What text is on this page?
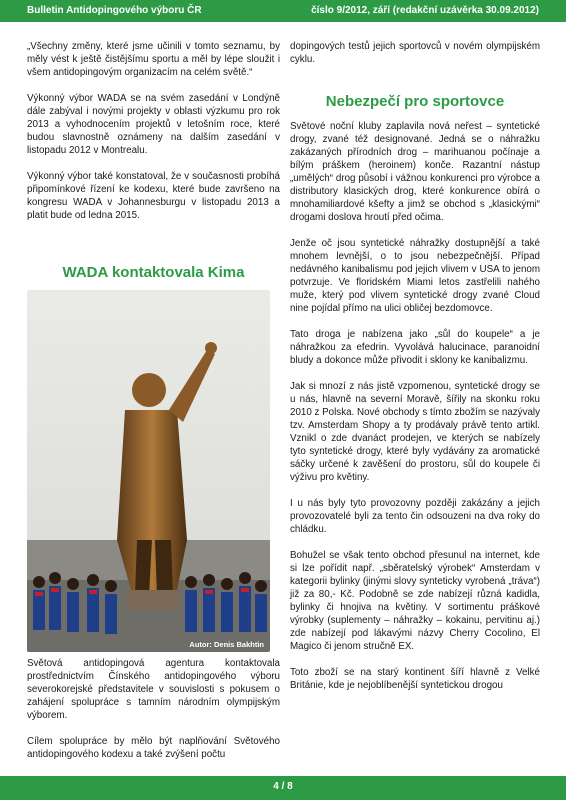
Bulletin Antidopingového výboru ČR	číslo 9/2012, září (redakční uzávěrka 30.09.2012)

„Všechny změny, které jsme učinili v tomto seznamu, by měly vést k ještě čistějšímu sportu a měl by lépe sloužit i všem antidopingovým organizacím na celém světě.“

Výkonný výbor WADA se na svém zasedání v Londýně dále zabýval i novými projekty v oblasti výzkumu pro rok 2013 a vyhodnocením projektů v letošním roce, které budou slavnostně oznámeny na dalším zasedání v listopadu 2012 v Montrealu.

Výkonný výbor také konstatoval, že v současnosti probíhá připomínkové řízení ke kodexu, které bude završeno na kongresu WADA v Johannesburgu v listopadu 2013 a platit bude od ledna 2015.

WADA kontaktovala Kima
Autor: Denis Bakhtin

Světová antidopingová agentura kontaktovala prostřednictvím Čínského antidopingového výboru severokorejské představitele v souvislosti s pokusem o zahájení spolupráce s tamním národním olympijským výborem.

Cílem spolupráce by mělo být naplňování Světového antidopingového kodexu a také zvýšení počtu

dopingových testů jejich sportovců v novém olympijském cyklu.

Nebezpečí pro sportovce

Světové noční kluby zaplavila nová neřest – syntetické drogy, zvané též designované. Jedná se o náhražku zakázaných přírodních drog – marihuanou počínaje a bílým práškem (heroinem) konče. Razantní nástup „umělých“ drog působí i vážnou konkurenci pro výrobce a distributory klasických drog, které konkurence obírá o mnohamiliardové kšefty a jimž se obchod s „klasickými“ drogami doslova hroutí před očima.

Jenže oč jsou syntetické náhražky dostupnější a také mnohem levnější, o to jsou nebezpečnější. Případ nedávného kanibalismu pod jejich vlivem v USA to jenom potvrzuje. Ve floridském Miami letos zastřelili nahého muže, který pod vlivem syntetické drogy zvané Cloud nine pojídal přímo na ulici obličej bezdomovce.

Tato droga je nabízena jako „sůl do koupele“ a je náhražkou za efedrin. Vyvolává halucinace, paranoidní bludy a dokonce může přivodit i sklony ke kanibalizmu.

Jak si mnozí z nás jistě vzpomenou, syntetické drogy se u nás, hlavně na severní Moravě, šířily na skonku roku 2010 z Polska. Nové obchody s tímto zbožím se nazývaly tzv. Amsterdam Shopy a ty prodávaly právě tento artikl. Vznikl o zde dvanáct prodejen, ve kterých se nabízely tyto syntetické drogy, které byly vydávány za aromatické sáčky určené k zavěšení do prostoru, sůl do koupele či výživu pro květiny.

I u nás byly tyto provozovny později zakázány a jejich provozovatelé byli za tento čin odsouzeni na dva roky do chládku.

Bohužel se však tento obchod přesunul na internet, kde si lze pořídit např. „sběratelský výrobek“ Amsterdam v kategorii bylinky (jinými slovy synteticky vyrobená „tráva“) již za 80,- Kč. Podobně se zde nabízejí různá kadidla, bylinky či hnojiva na květiny. V sortimentu práškové výrobky (suplementy – náhražky – kokainu, pervitinu aj.) zde nabízejí pod lákavými názvy Cherry Cocolino, El Magico či jenom stručně EX.

Toto zboží se na starý kontinent šíří hlavně z Velké Británie, kde je nejoblíbenější syntetickou drogou

4 / 8
